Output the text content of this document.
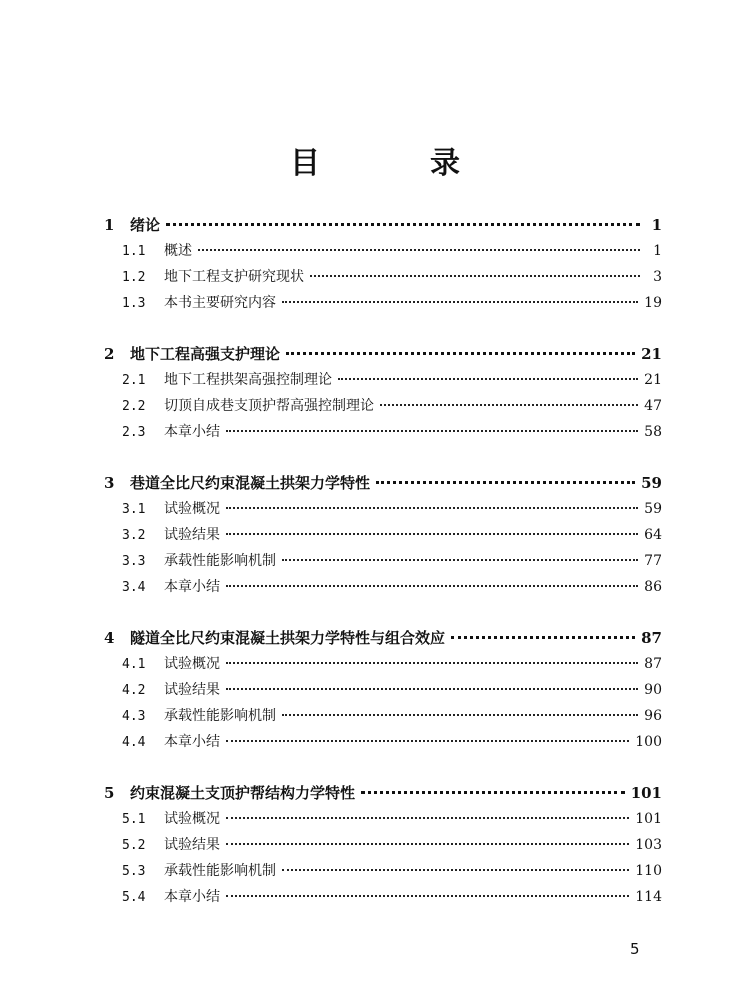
目　录
1	绪论	1
1.1	概述	1
1.2	地下工程支护研究现状	3
1.3	本书主要研究内容	19
2	地下工程高强支护理论	21
2.1	地下工程拱架高强控制理论	21
2.2	切顶自成巷支顶护帮高强控制理论	47
2.3	本章小结	58
3	巷道全比尺约束混凝土拱架力学特性	59
3.1	试验概况	59
3.2	试验结果	64
3.3	承载性能影响机制	77
3.4	本章小结	86
4	隧道全比尺约束混凝土拱架力学特性与组合效应	87
4.1	试验概况	87
4.2	试验结果	90
4.3	承载性能影响机制	96
4.4	本章小结	100
5	约束混凝土支顶护帮结构力学特性	101
5.1	试验概况	101
5.2	试验结果	103
5.3	承载性能影响机制	110
5.4	本章小结	114
5
